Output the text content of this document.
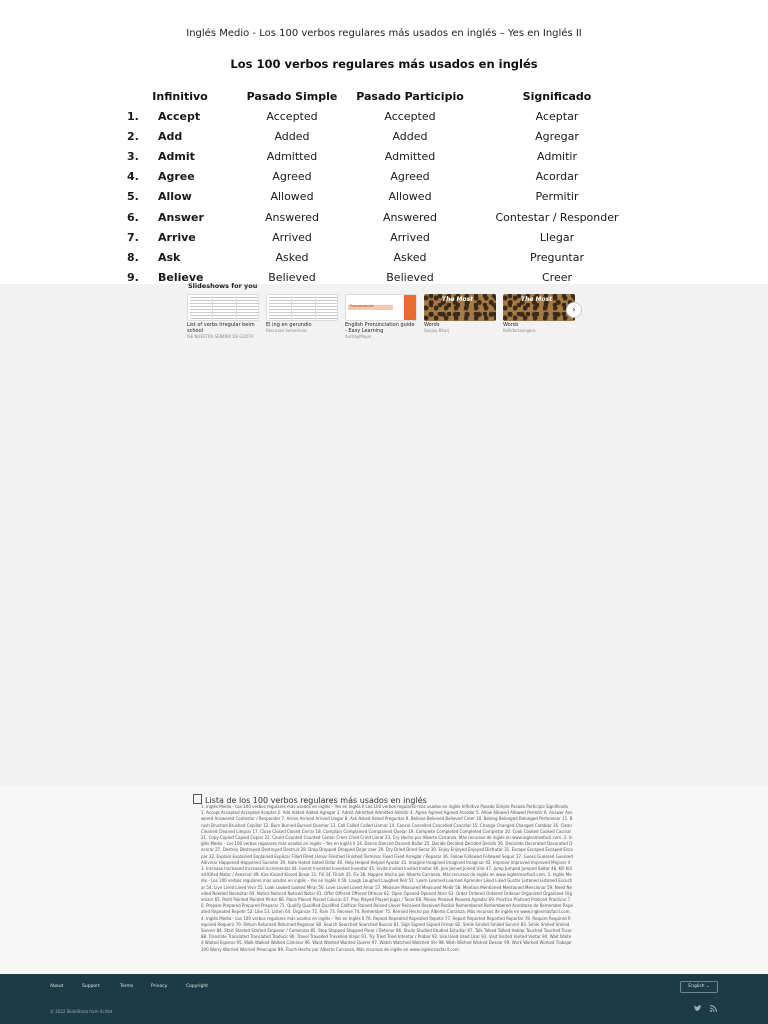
Inglés Medio - Los 100 verbos regulares más usados en inglés – Yes en Inglés II
Los 100 verbos regulares más usados en inglés
Infinitivo	Pasado Simple	Pasado Participio	Significado
1. Accept	Accepted	Accepted	Aceptar
2. Add	Added	Added	Agregar
3. Admit	Admitted	Admitted	Admitir
4. Agree	Agreed	Agreed	Acordar
5. Allow	Allowed	Allowed	Permitir
6. Answer	Answered	Answered	Contestar / Responder
7. Arrive	Arrived	Arrived	Llegar
8. Ask	Asked	Asked	Preguntar
9. Believe	Believed	Believed	Creer
Slideshows for you
List of verbs Irregular beim school
ISE NUESTRA SENORA DE GUOTA
El ing en gerundio
Recursos Inmersivos
Pronunciación
English Pronunciation guide - Easy Learning
AudrayMayer
The Most
Words
Sanjay Bharj
The Most
Words
Kallidarlaongara
›
Lista de los 100 verbos regulares más usados en inglés
1. Inglés Medio - Los 100 verbos regulares más usados en inglés – Yes en Inglés II Los 100 verbos regulares más usados en inglés Infinitivo Pasado Simple Pasado Participio Significado 1. Accept Accepted Accepted Aceptar 2. Add Added Added Agregar 3. Admit Admitted Admitted Admitir 4. Agree Agreed Agreed Acordar 5. Allow Allowed Allowed Permitir 6. Answer Answered Answered Contestar / Responder 7. Arrive Arrived Arrived Llegar 8. Ask Asked Asked Preguntar 9. Believe Believed Believed Creer 10. Belong Belonged Belonged Pertenecer 11. Brush Brushed Brushed Cepillar 12. Burn Burned Burned Quemar 13. Call Called Called Llamar 14. Cancel Cancelled Cancelled Cancelar 15. Change Changed Changed Cambiar 16. Clean Cleaned Cleaned Limpiar 17. Close Closed Closed Cerrar 18. Complain Complained Complained Quejar 19. Complete Completed Completed Completar 20. Cook Cooked Cooked Cocinar 21. Copy Copied Copied Copiar 22. Count Counted Counted Contar Creer Cried Cried Llorar 23. Cry Hecho por Alberto Carranza. Más recursos de inglés en www.inglesmasfacil.com. 2. Inglés Medio - Los 100 verbos regulares más usados en inglés – Yes en Inglés II 24. Dance Danced Danced Bailar 25. Decide Decided Decided Decidir 26. Decorate Decorated Decorated Decorar 27. Destroy Destroyed Destroyed Destruir 28. Drop Dropped Dropped Dejar caer 29. Dry Dried Dried Secar 30. Enjoy Enjoyed Enjoyed Disfrutar 31. Escape Escaped Escaped Escapar 32. Explain Explained Explained Explicar Filled Filled Llenar Finished Finished Terminar Fixed Fixed Arreglar / Reparar 36. Follow Followed Followed Seguir 37. Guess Guessed Guessed Adivinar Happened Happened Suceder 39. Hate Hated Hated Odiar 40. Help Helped Helped Ayudar 41. Imagine Imagined Imagined Imaginar 42. Improve Improved Improved Mejorar 43. Increase Increased Increased Incrementar 44. Invent Invented Invented Inventar 45. Invite Invited Invited Invitar 46. Join Joined Joined Unir 47. Jump Jumped Jumped Saltar 48. Kill Killed Killed Matar / Asesinar 49. Kiss Kissed Kissed Besar 31. Fill 34. Finish 35. Fix 38. Happen Hecho por Alberto Carranza. Más recursos de inglés en www.inglesmasfacil.com. 3. Inglés Medio - Los 100 verbos regulares más usados en inglés – Yes en Inglés II 50. Laugh Laughed Laughed Reír 51. Learn Learned Learned Aprender Liked Liked Gustar Listened Listened Escuchar 54. Live Lived Lived Vivir 55. Look Looked Looked Mirar 56. Love Loved Loved Amar 57. Measure Measured Measured Medir 58. Mention Mentioned Mentioned Mencionar 59. Need Needed Needed Necesitar 60. Notice Noticed Noticed Notar 61. Offer Offered Offered Ofrecer 62. Open Opened Opened Abrir 63. Order Ordered Ordered Ordenar Organized Organized Organizar 65. Paint Painted Painted Pintar 66. Place Placed Placed Colocar 67. Play Played Played Jugar / Tocar 68. Please Pleased Pleased Agradar 69. Practice Praticed Praticed Practicar 70. Prepare Prepared Prepared Preparar 71. Qualify Qualified Qualified Calificar Rained Rained Llover Received Received Recibir Remembered Remembered Acordarse de Remember Repeated Repeated Repetir 52. Like 53. Listen 64. Organize 72. Rain 73. Receive 74. Remember 75. Remind Hecho por Alberto Carranza. Más recursos de inglés en www.inglesmasfacil.com. 4. Inglés Medio - Los 100 verbos regulares más usados en inglés – Yes en Inglés II 76. Repeat Repeated Repeated Repetir 77. Report Reported Reported Reportar 78. Require Required Required Requerir 79. Return Returned Returned Regresar 80. Search Searched Searched Buscar 81. Sign Signed Signed Firmar 82. Smile Smiled Smiled Sonreir 83. Smile Smiled Smiled Sonreir 84. Start Started Started Empezar / Comenzar 85. Stop Stopped Stopped Parar / Detener 86. Study Studied Studied Estudiar 87. Talk Talked Talked Hablar Touched Touched Tocar 88. Translate Translated Translated Traducir 90. Travel Travelled Travelled Viajar 91. Try Tried Tried Intentar / Probar 92. Use Used Used Usar 93. Visit Visited Visited Visitar 94. Wait Waited Waited Esperar 95. Walk Walked Walked Caminar 96. Want Wanted Wanted Querer 97. Watch Watched Watched Ver 98. Wish Wished Wished Desear 99. Work Worked Worked Trabajar 100 Worry Worried Worried Preocupar 89. Touch Hecho por Alberto Carranza. Más recursos de inglés en www.inglesmasfacil.com.
About	Support	Terms	Privacy	Copyright
© 2022 SlideShare from Scribd
English ⌄
